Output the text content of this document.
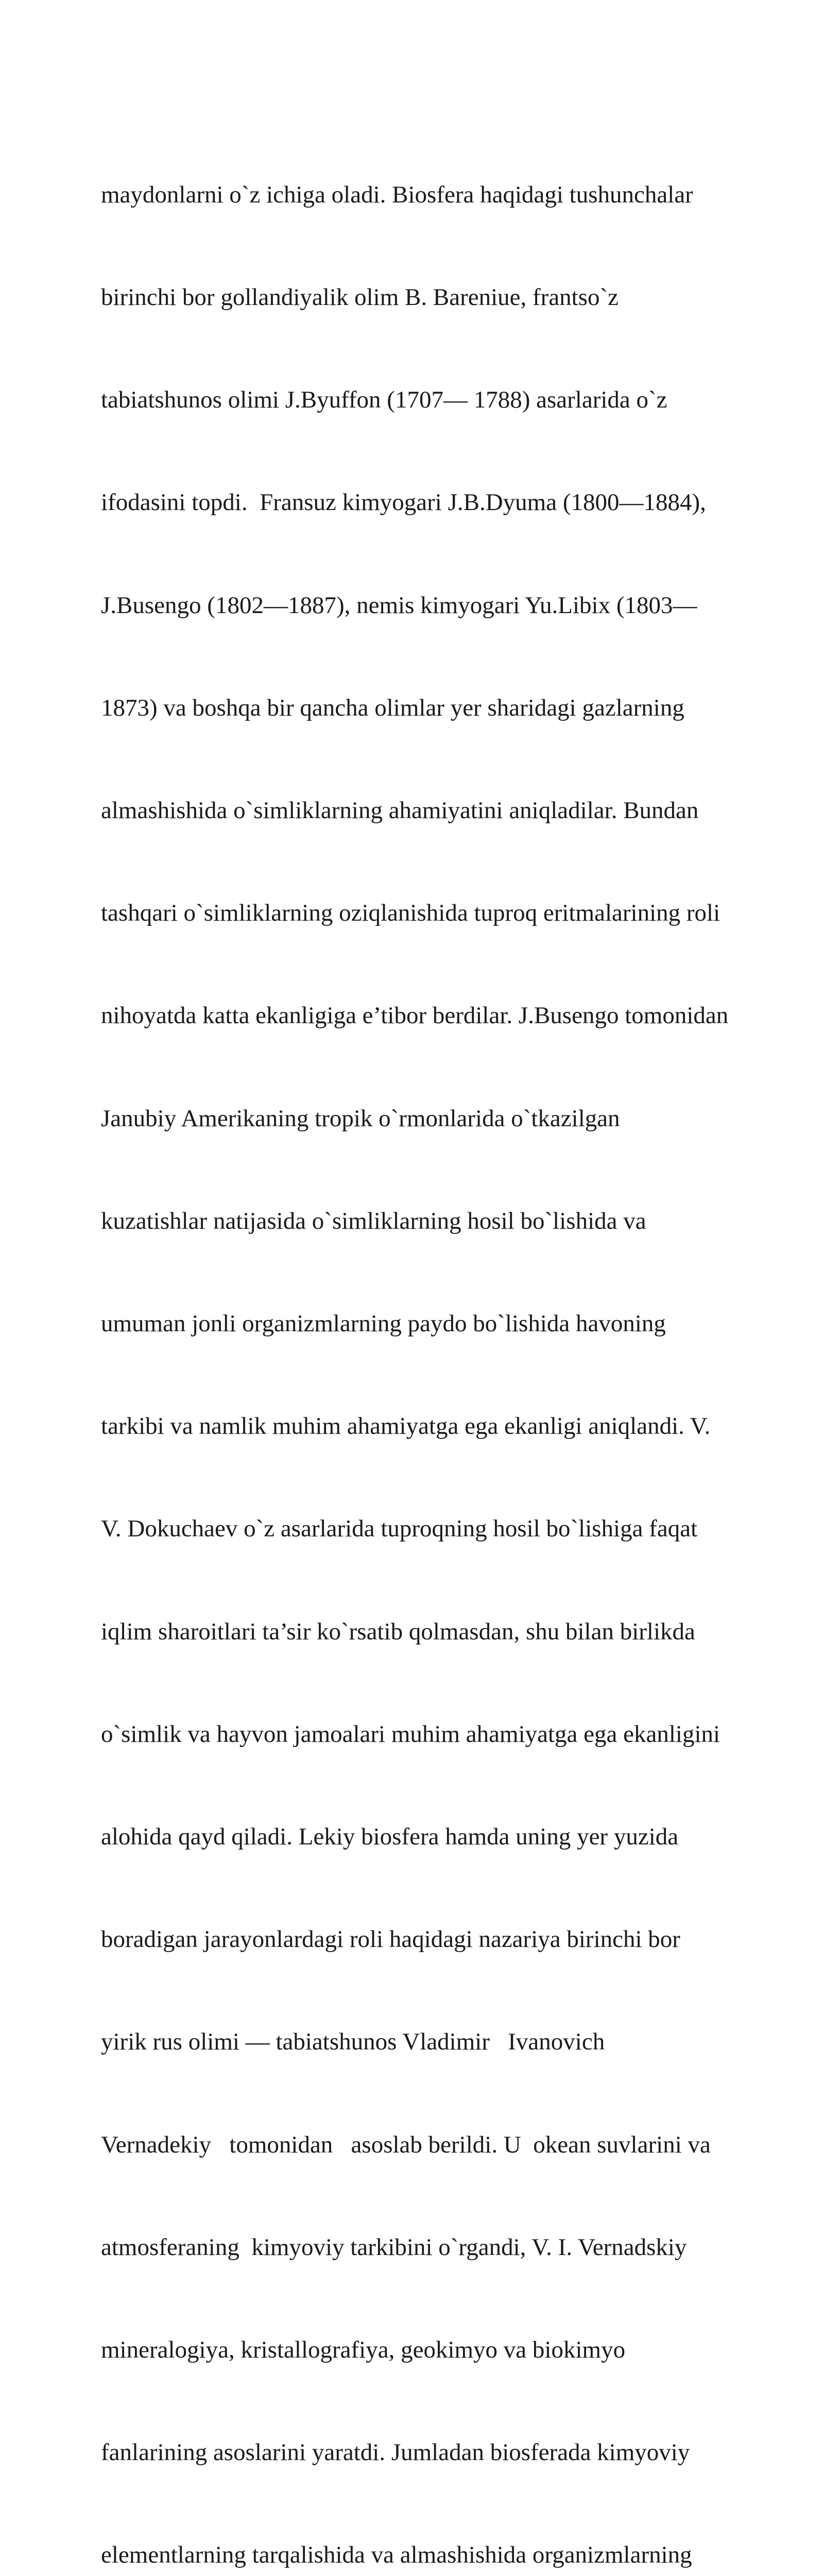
maydonlarni o`z ichiga oladi. Biosfera haqidagi tushunchalar

birinchi bor gollandiyalik olim B. Bareniue, frantso`z

tabiatshunos olimi J.Byuffon (1707— 1788) asarlarida o`z

ifodasini topdi.  Fransuz kimyogari J.B.Dyuma (1800—1884),

J.Busengo (1802—1887), nemis kimyogari Yu.Libix (1803—

1873) va boshqa bir qancha olimlar yer sharidagi gazlarning

almashishida o`simliklarning ahamiyatini aniqladilar. Bundan

tashqari o`simliklarning oziqlanishida tuproq eritmalarining roli

nihoyatda katta ekanligiga e’tibor berdilar. J.Busengo tomonidan

Janubiy Amerikaning tropik o`rmonlarida o`tkazilgan

kuzatishlar natijasida o`simliklarning hosil bo`lishida va

umuman jonli organizmlarning paydo bo`lishida havoning

tarkibi va namlik muhim ahamiyatga ega ekanligi aniqlandi. V.

V. Dokuchaev o`z asarlarida tuproqning hosil bo`lishiga faqat

iqlim sharoitlari ta’sir ko`rsatib qolmasdan, shu bilan birlikda

o`simlik va hayvon jamoalari muhim ahamiyatga ega ekanligini

alohida qayd qiladi. Lekiy biosfera hamda uning yer yuzida

boradigan jarayonlardagi roli haqidagi nazariya birinchi bor

yirik rus olimi — tabiatshunos Vladimir   Ivanovich

Vernadekiy   tomonidan   asoslab berildi. U  okean suvlarini va

atmosferaning  kimyoviy tarkibini o`rgandi, V. I. Vernadskiy

mineralogiya, kristallografiya, geokimyo va biokimyo

fanlarining asoslarini yaratdi. Jumladan biosferada kimyoviy

elementlarning tarqalishida va almashishida organizmlarning
